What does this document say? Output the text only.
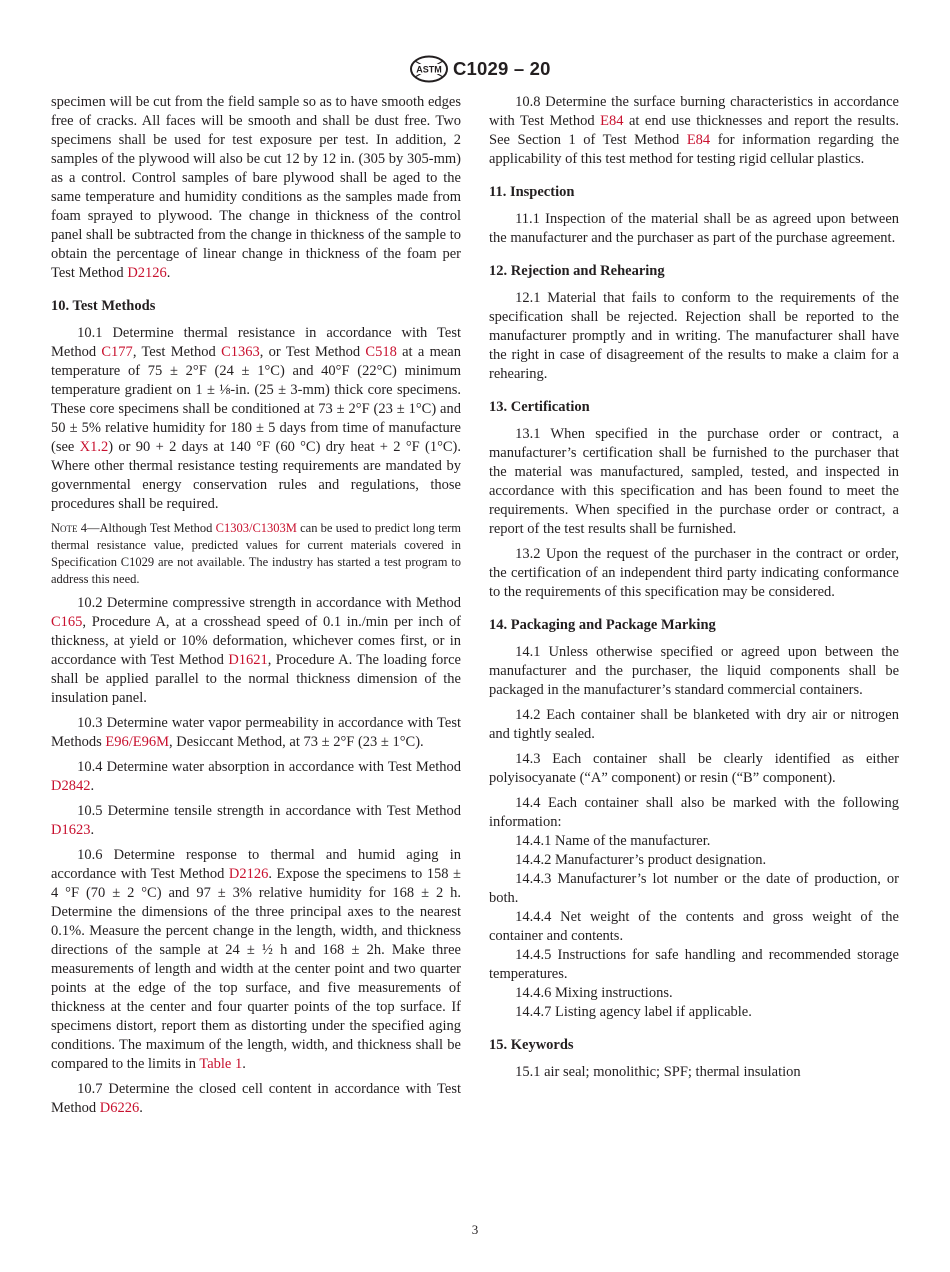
ASTM C1029 – 20

specimen will be cut from the field sample so as to have smooth edges free of cracks. All faces will be smooth and shall be dust free. Two specimens shall be used for test exposure per test. In addition, 2 samples of the plywood will also be cut 12 by 12 in. (305 by 305-mm) as a control. Control samples of bare plywood shall be aged to the same temperature and humidity conditions as the samples made from foam sprayed to plywood. The change in thickness of the control panel shall be subtracted from the change in thickness of the sample to obtain the percentage of linear change in thickness of the foam per Test Method D2126.

10. Test Methods

10.1 Determine thermal resistance in accordance with Test Method C177, Test Method C1363, or Test Method C518 at a mean temperature of 75 ± 2°F (24 ± 1°C) and 40°F (22°C) minimum temperature gradient on 1 ± ⅛-in. (25 ± 3-mm) thick core specimens. These core specimens shall be conditioned at 73 ± 2°F (23 ± 1°C) and 50 ± 5% relative humidity for 180 ± 5 days from time of manufacture (see X1.2) or 90 + 2 days at 140 °F (60 °C) dry heat + 2 °F (1°C). Where other thermal resistance testing requirements are mandated by governmental energy conservation rules and regulations, those procedures shall be required.

Note 4—Although Test Method C1303/C1303M can be used to predict long term thermal resistance value, predicted values for current materials covered in Specification C1029 are not available. The industry has started a test program to address this need.

10.2 Determine compressive strength in accordance with Method C165, Procedure A, at a crosshead speed of 0.1 in./min per inch of thickness, at yield or 10% deformation, whichever comes first, or in accordance with Test Method D1621, Procedure A. The loading force shall be applied parallel to the normal thickness dimension of the insulation panel.

10.3 Determine water vapor permeability in accordance with Test Methods E96/E96M, Desiccant Method, at 73 ± 2°F (23 ± 1°C).

10.4 Determine water absorption in accordance with Test Method D2842.

10.5 Determine tensile strength in accordance with Test Method D1623.

10.6 Determine response to thermal and humid aging in accordance with Test Method D2126. Expose the specimens to 158 ± 4 °F (70 ± 2 °C) and 97 ± 3% relative humidity for 168 ± 2 h. Determine the dimensions of the three principal axes to the nearest 0.1%. Measure the percent change in the length, width, and thickness directions of the sample at 24 ± ½ h and 168 ± 2h. Make three measurements of length and width at the center point and two quarter points at the edge of the top surface, and five measurements of thickness at the center and four quarter points of the top surface. If specimens distort, report them as distorting under the specified aging conditions. The maximum of the length, width, and thickness shall be compared to the limits in Table 1.

10.7 Determine the closed cell content in accordance with Test Method D6226.

10.8 Determine the surface burning characteristics in accordance with Test Method E84 at end use thicknesses and report the results. See Section 1 of Test Method E84 for information regarding the applicability of this test method for testing rigid cellular plastics.

11. Inspection

11.1 Inspection of the material shall be as agreed upon between the manufacturer and the purchaser as part of the purchase agreement.

12. Rejection and Rehearing

12.1 Material that fails to conform to the requirements of the specification shall be rejected. Rejection shall be reported to the manufacturer promptly and in writing. The manufacturer shall have the right in case of disagreement of the results to make a claim for a rehearing.

13. Certification

13.1 When specified in the purchase order or contract, a manufacturer’s certification shall be furnished to the purchaser that the material was manufactured, sampled, tested, and inspected in accordance with this specification and has been found to meet the requirements. When specified in the purchase order or contract, a report of the test results shall be furnished.

13.2 Upon the request of the purchaser in the contract or order, the certification of an independent third party indicating conformance to the requirements of this specification may be considered.

14. Packaging and Package Marking

14.1 Unless otherwise specified or agreed upon between the manufacturer and the purchaser, the liquid components shall be packaged in the manufacturer’s standard commercial containers.

14.2 Each container shall be blanketed with dry air or nitrogen and tightly sealed.

14.3 Each container shall be clearly identified as either polyisocyanate (“A” component) or resin (“B” component).

14.4 Each container shall also be marked with the following information:

14.4.1 Name of the manufacturer.

14.4.2 Manufacturer’s product designation.

14.4.3 Manufacturer’s lot number or the date of production, or both.

14.4.4 Net weight of the contents and gross weight of the container and contents.

14.4.5 Instructions for safe handling and recommended storage temperatures.

14.4.6 Mixing instructions.

14.4.7 Listing agency label if applicable.

15. Keywords

15.1 air seal; monolithic; SPF; thermal insulation

3
